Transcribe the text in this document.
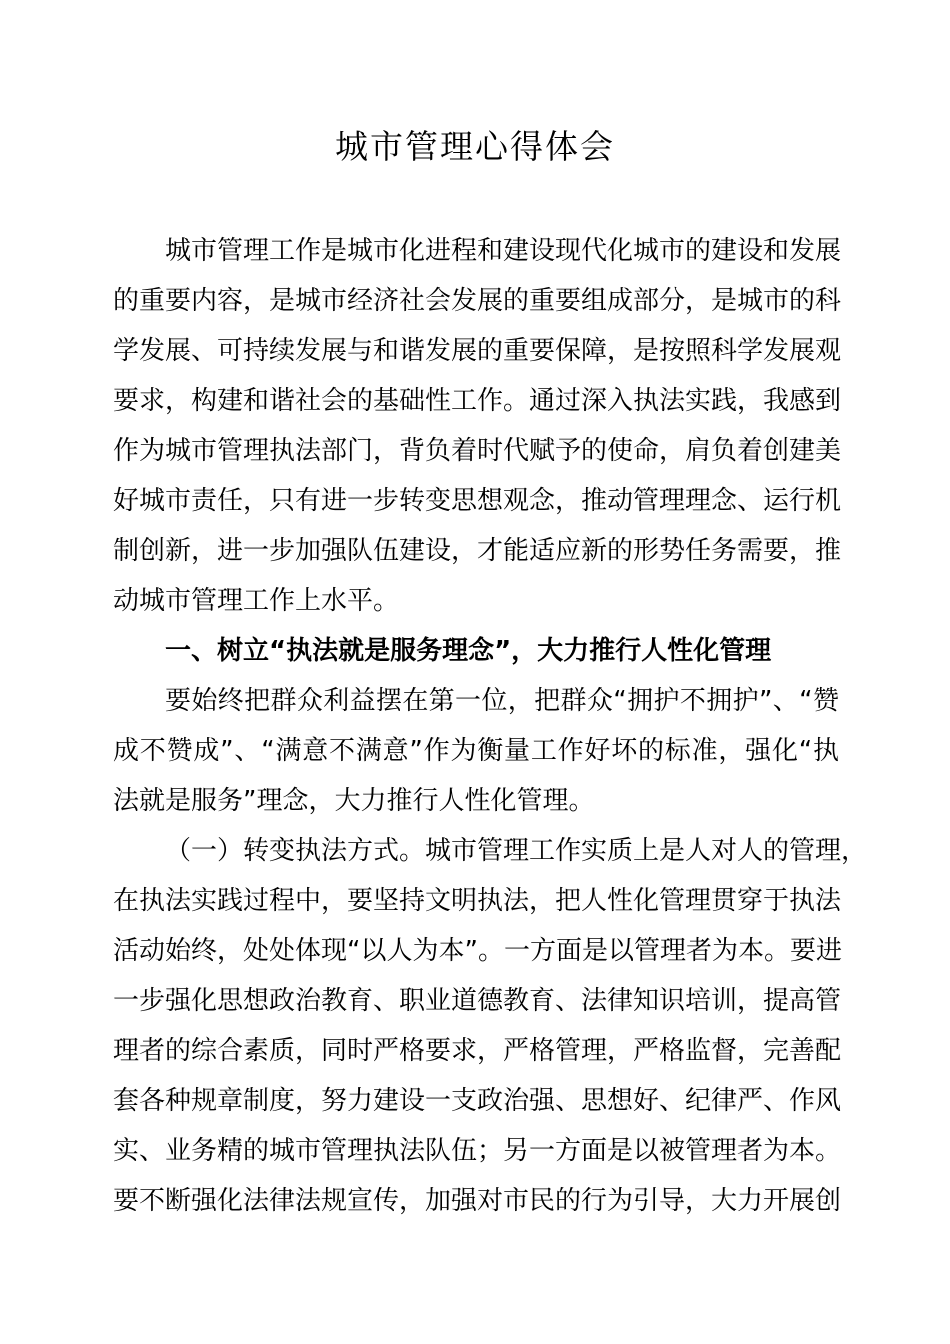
城市管理心得体会
城市管理工作是城市化进程和建设现代化城市的建设和发展
的重要内容，是城市经济社会发展的重要组成部分，是城市的科
学发展、可持续发展与和谐发展的重要保障，是按照科学发展观
要求，构建和谐社会的基础性工作。通过深入执法实践，我感到
作为城市管理执法部门，背负着时代赋予的使命，肩负着创建美
好城市责任，只有进一步转变思想观念，推动管理理念、运行机
制创新，进一步加强队伍建设，才能适应新的形势任务需要，推
动城市管理工作上水平。
一、树立“执法就是服务理念”，大力推行人性化管理
要始终把群众利益摆在第一位，把群众“拥护不拥护”、“赞
成不赞成”、“满意不满意”作为衡量工作好坏的标准，强化“执
法就是服务”理念，大力推行人性化管理。
（一）转变执法方式。城市管理工作实质上是人对人的管理，
在执法实践过程中，要坚持文明执法，把人性化管理贯穿于执法
活动始终，处处体现“以人为本”。一方面是以管理者为本。要进
一步强化思想政治教育、职业道德教育、法律知识培训，提高管
理者的综合素质，同时严格要求，严格管理，严格监督，完善配
套各种规章制度，努力建设一支政治强、思想好、纪律严、作风
实、业务精的城市管理执法队伍；另一方面是以被管理者为本。
要不断强化法律法规宣传，加强对市民的行为引导，大力开展创
